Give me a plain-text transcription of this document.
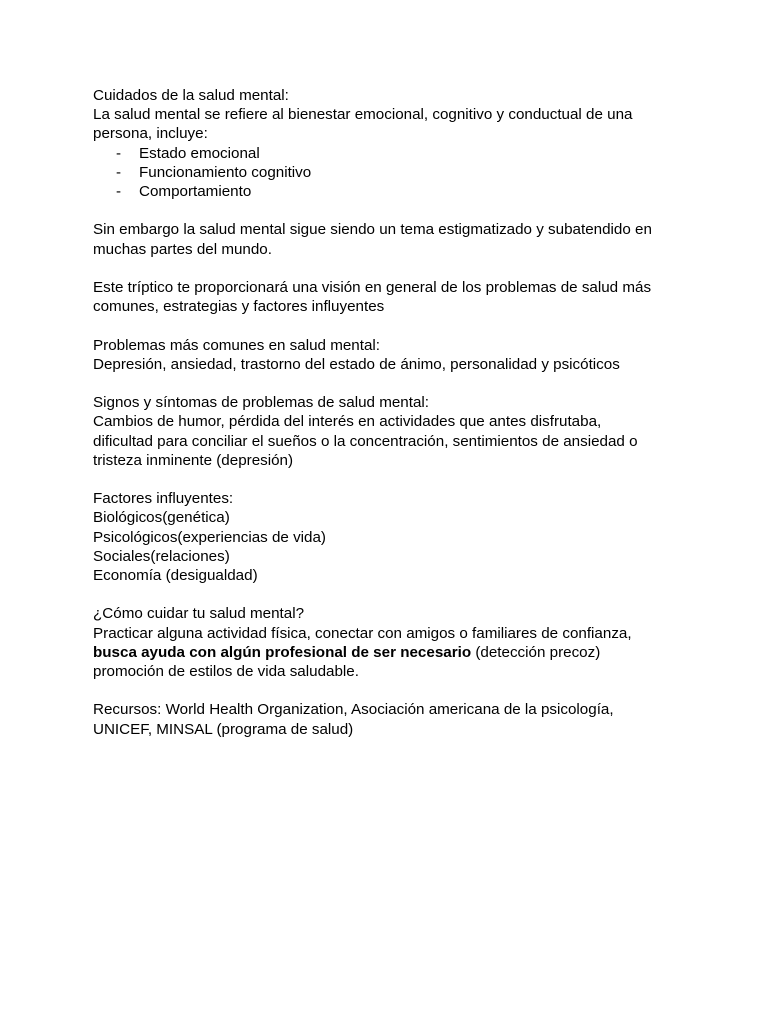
Cuidados de la salud mental:
La salud mental se refiere al bienestar emocional, cognitivo y conductual de una
persona, incluye:
- Estado emocional
- Funcionamiento cognitivo
- Comportamiento
Sin embargo la salud mental sigue siendo un tema estigmatizado y subatendido en
muchas partes del mundo.
Este tríptico te proporcionará una visión en general de los problemas de salud más
comunes, estrategias y factores influyentes
Problemas más comunes en salud mental:
Depresión, ansiedad, trastorno del estado de ánimo, personalidad y psicóticos
Signos y síntomas de problemas de salud mental:
Cambios de humor, pérdida del interés en actividades que antes disfrutaba,
dificultad para conciliar el sueños o la concentración, sentimientos de ansiedad o
tristeza inminente (depresión)
Factores influyentes:
Biológicos(genética)
Psicológicos(experiencias de vida)
Sociales(relaciones)
Economía (desigualdad)
¿Cómo cuidar tu salud mental?
Practicar alguna actividad física, conectar con amigos o familiares de confianza,
busca ayuda con algún profesional de ser necesario (detección precoz)
promoción de estilos de vida saludable.
Recursos: World Health Organization, Asociación americana de la psicología,
UNICEF, MINSAL (programa de salud)
